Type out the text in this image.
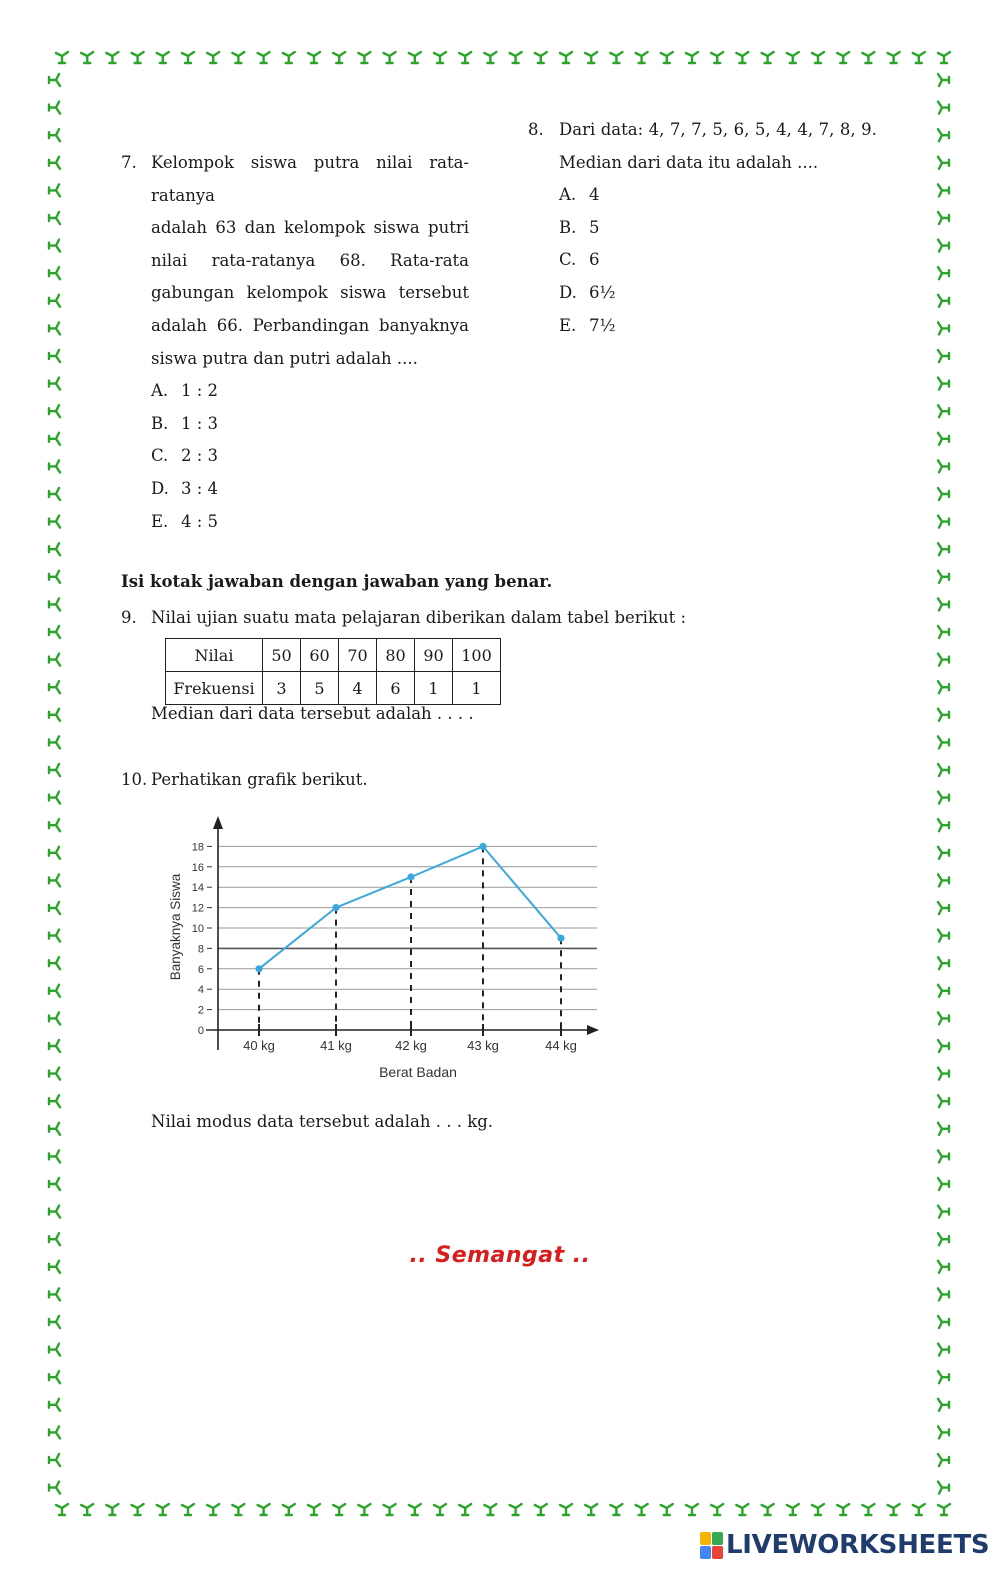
7. Kelompok siswa putra nilai rata-ratanya
adalah 63 dan kelompok siswa putri
nilai rata-ratanya 68. Rata-rata
gabungan kelompok siswa tersebut
adalah 66. Perbandingan banyaknya
siswa putra dan putri adalah ....
A. 1 : 2
B. 1 : 3
C. 2 : 3
D. 3 : 4
E. 4 : 5
8. Dari data: 4, 7, 7, 5, 6, 5, 4, 4, 7, 8, 9.
Median dari data itu adalah ....
A. 4
B. 5
C. 6
D. 6½
E. 7½
Isi kotak jawaban dengan jawaban yang benar.
9. Nilai ujian suatu mata pelajaran diberikan dalam tabel berikut :
Nilai	50	60	70	80	90	100
Frekuensi	3	5	4	6	1	1
Median dari data tersebut adalah . . . .
10. Perhatikan grafik berikut.
0
2
4
6
8
10
12
14
16
18
40 kg	41 kg	42 kg	43 kg	44 kg
Berat Badan
Banyaknya Siswa
Nilai modus data tersebut adalah . . . kg.
.. Semangat ..
LIVEWORKSHEETS
